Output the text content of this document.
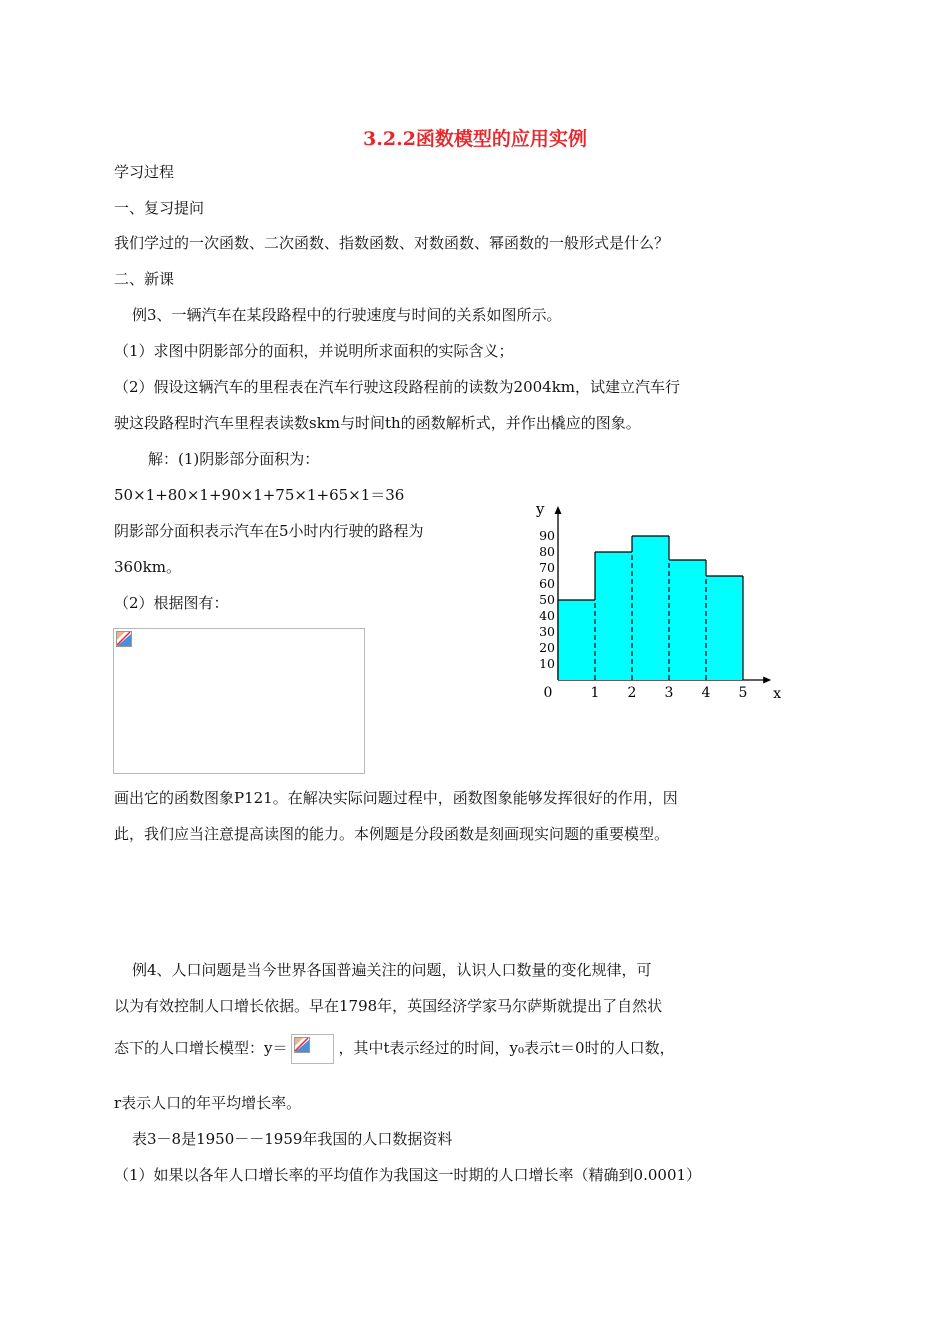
3.2.2函数模型的应用实例
学习过程
一、复习提问
我们学过的一次函数、二次函数、指数函数、对数函数、幂函数的一般形式是什么？
二、新课
例3、一辆汽车在某段路程中的行驶速度与时间的关系如图所示。
（1）求图中阴影部分的面积，并说明所求面积的实际含义；
（2）假设这辆汽车的里程表在汽车行驶这段路程前的读数为2004km，试建立汽车行
驶这段路程时汽车里程表读数skm与时间th的函数解析式，并作出橇应的图象。
解：(1)阴影部分面积为：
50×1+80×1+90×1+75×1+65×1＝36
阴影部分面积表示汽车在5小时内行驶的路程为
360km。
（2）根据图有：
10
20
30
40
50
60
70
80
90
0	1 2 3 4 5 x
y
画出它的函数图象P121。在解决实际问题过程中，函数图象能够发挥很好的作用，因
此，我们应当注意提高读图的能力。本例题是分段函数是刻画现实问题的重要模型。
例4、人口问题是当今世界各国普遍关注的问题，认识人口数量的变化规律，可
以为有效控制人口增长依据。早在1798年，英国经济学家马尔萨斯就提出了自然状
态下的人口增长模型：y＝	，其中t表示经过的时间，y₀表示t＝0时的人口数，
r表示人口的年平均增长率。
表3－8是1950－－1959年我国的人口数据资料
（1）如果以各年人口增长率的平均值作为我国这一时期的人口增长率（精确到0.0001）
